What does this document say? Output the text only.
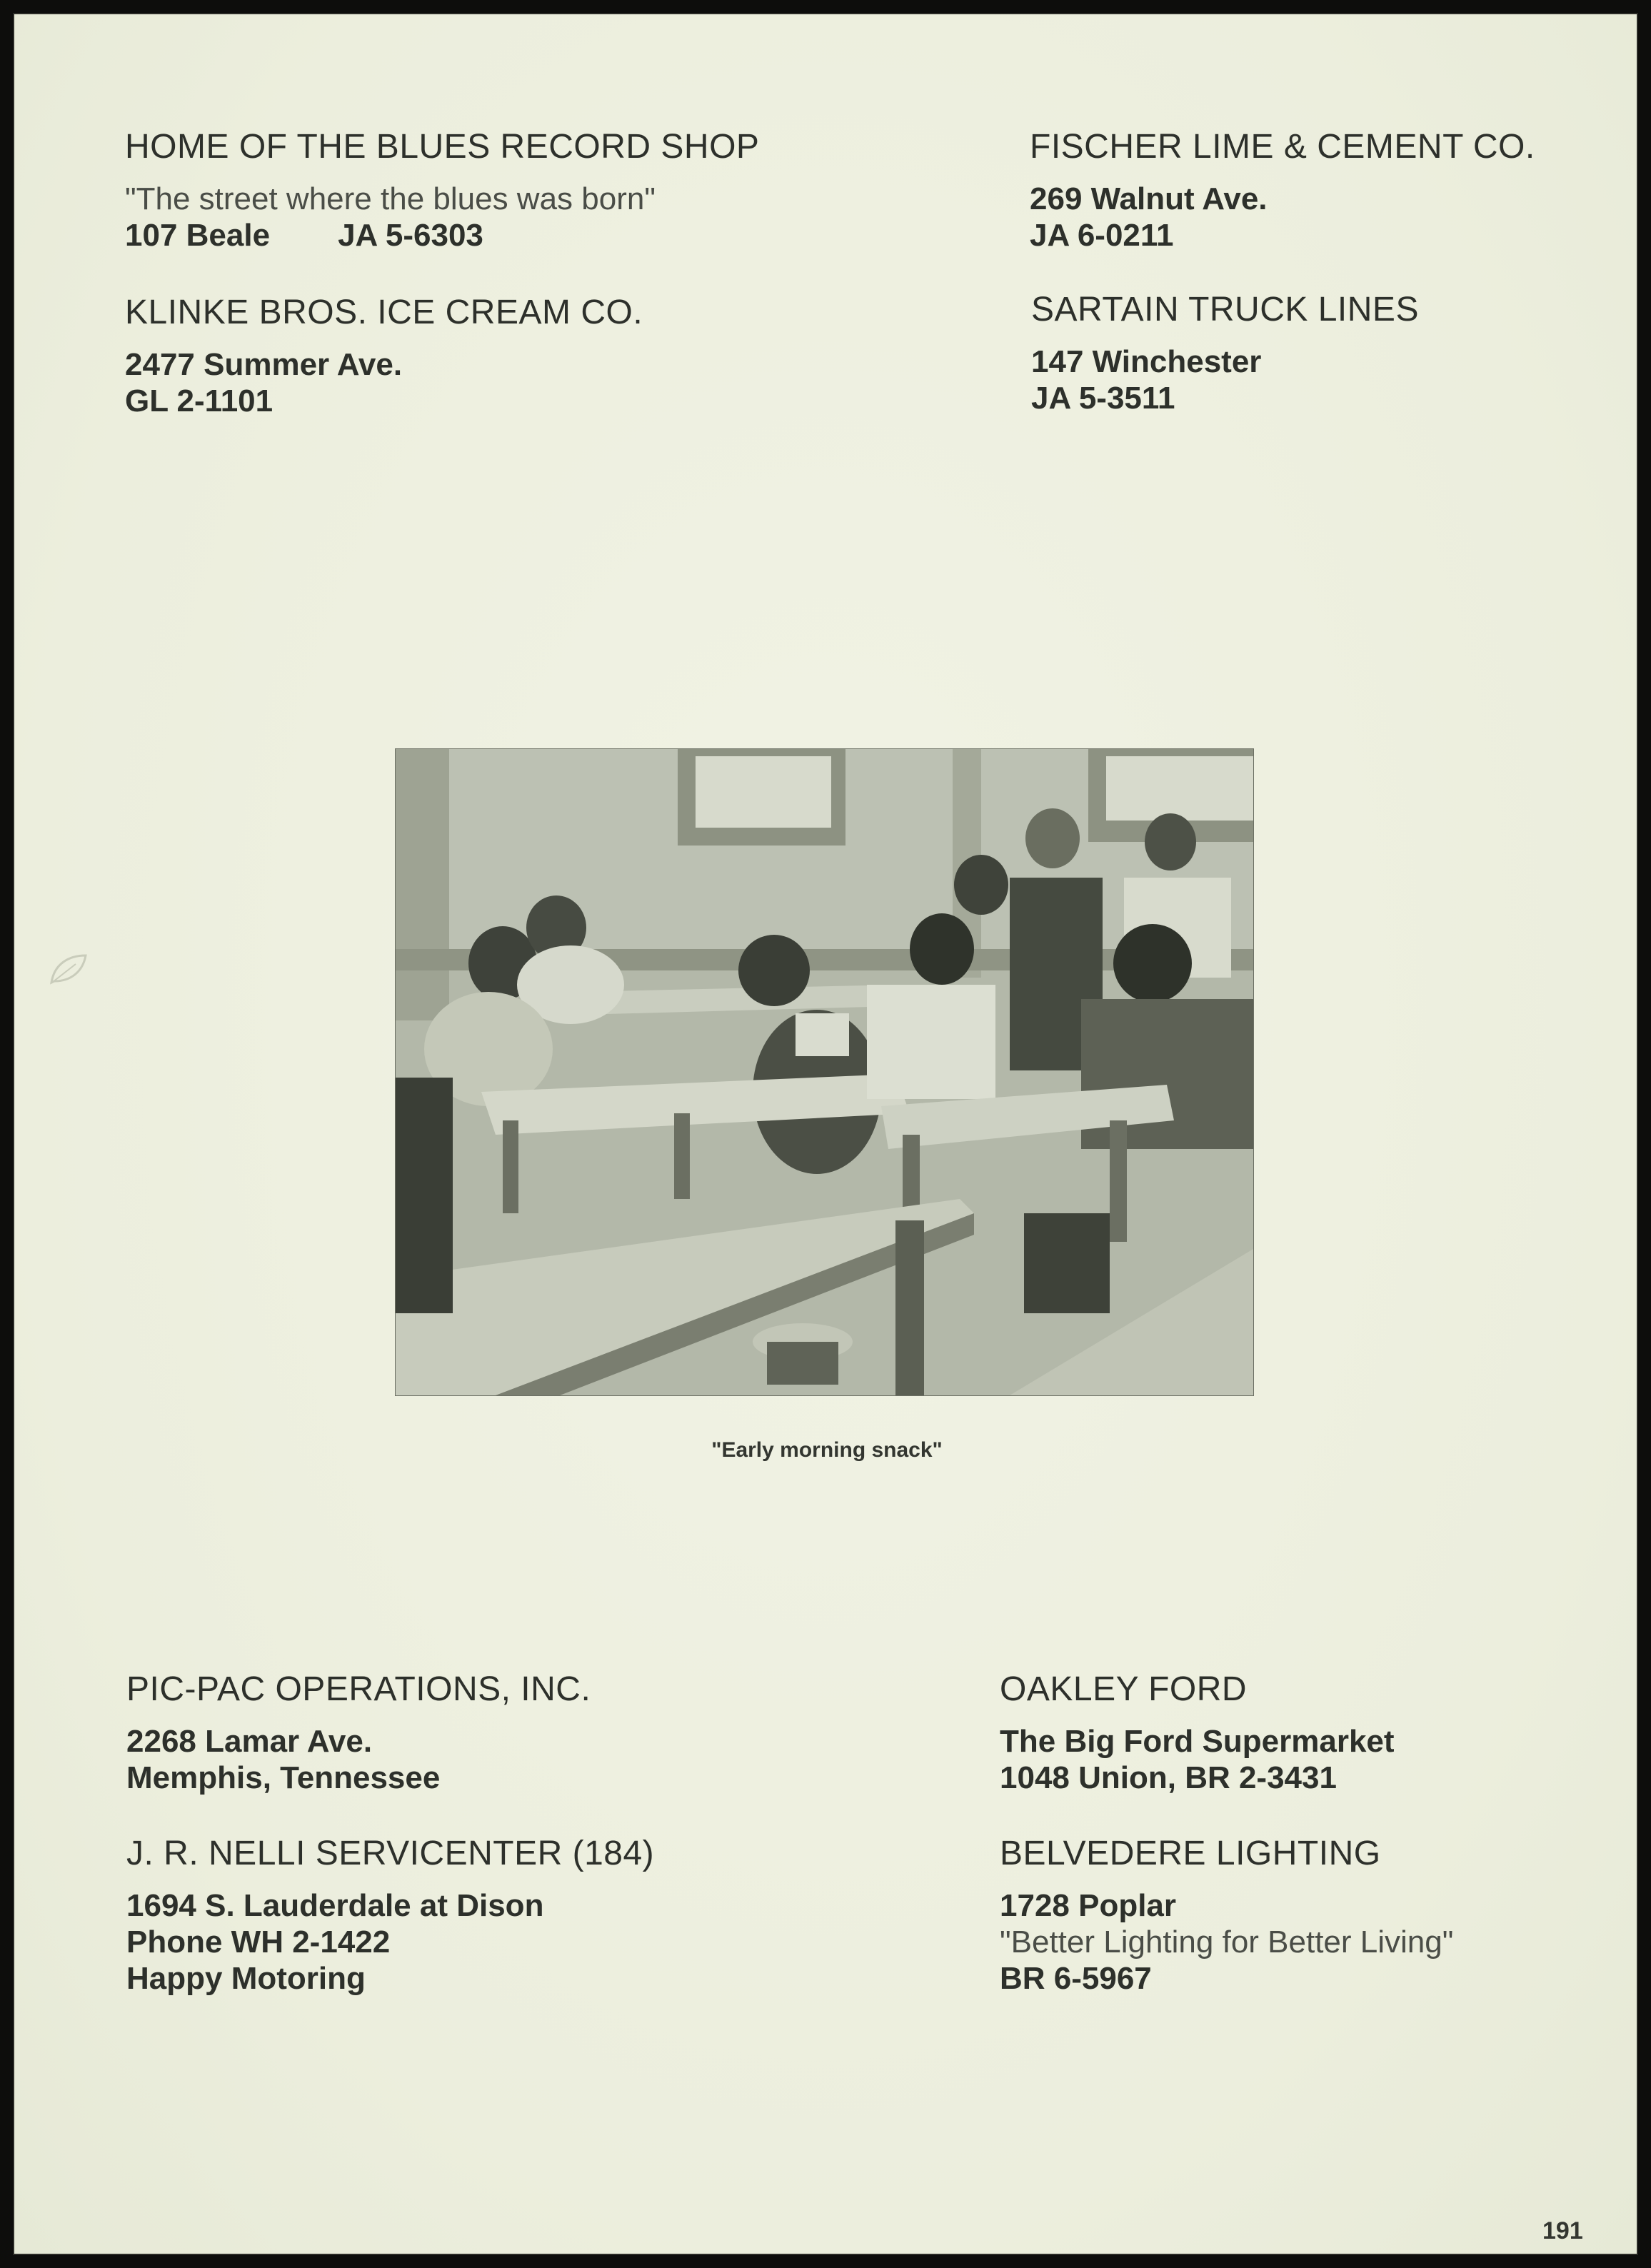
HOME OF THE BLUES RECORD SHOP
"The street where the blues was born"
107 Beale JA 5-6303
FISCHER LIME & CEMENT CO.
269 Walnut Ave.
JA 6-0211
KLINKE BROS. ICE CREAM CO.
2477 Summer Ave.
GL 2-1101
SARTAIN TRUCK LINES
147 Winchester
JA 5-3511
"Early morning snack"
PIC-PAC OPERATIONS, INC.
2268 Lamar Ave.
Memphis, Tennessee
OAKLEY FORD
The Big Ford Supermarket
1048 Union, BR 2-3431
J. R. NELLI SERVICENTER (184)
1694 S. Lauderdale at Dison
Phone WH 2-1422
Happy Motoring
BELVEDERE LIGHTING
1728 Poplar
"Better Lighting for Better Living"
BR 6-5967
191
